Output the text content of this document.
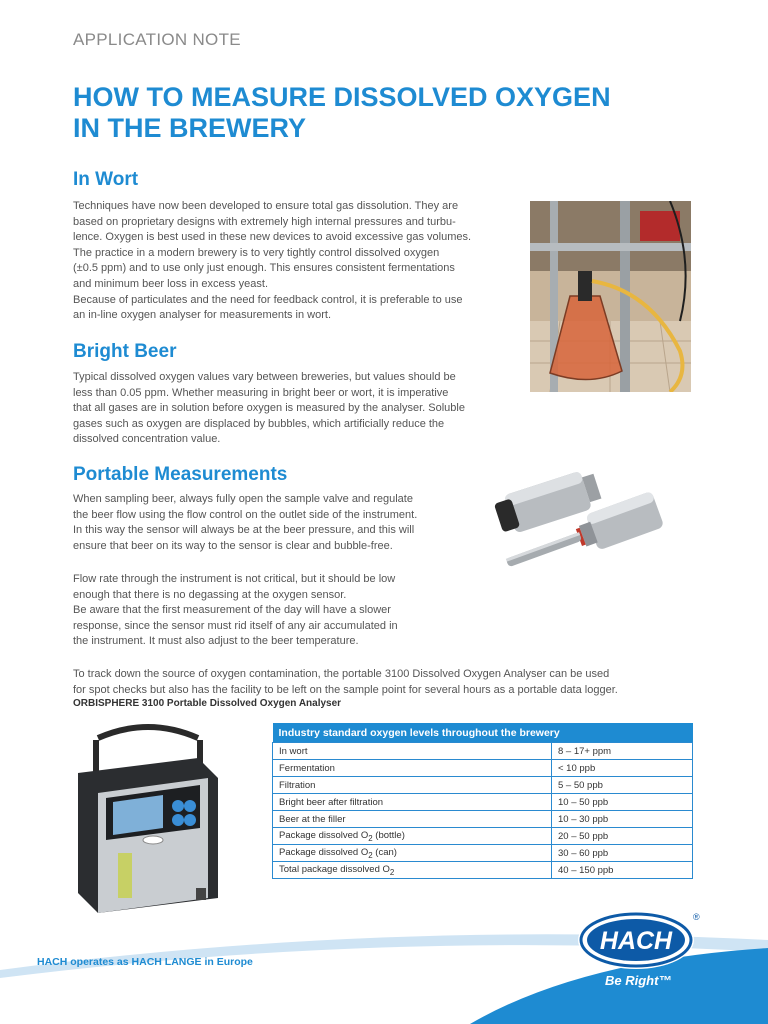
APPLICATION NOTE
HOW TO MEASURE DISSOLVED OXYGEN
IN THE BREWERY
In Wort

Techniques have now been developed to ensure total gas dissolution. They are

based on proprietary designs with extremely high internal pressures and turbu-

lence. Oxygen is best used in these new devices to avoid excessive gas volumes.

The practice in a modern brewery is to very tightly control dissolved oxygen

(±0.5 ppm) and to use only just enough. This ensures consistent fermentations

and minimum beer loss in excess yeast.

Because of particulates and the need for feedback control, it is preferable to use

an in-line oxygen analyser for measurements in wort.

Bright Beer

Typical dissolved oxygen values vary between breweries, but values should be

less than 0.05 ppm. Whether measuring in bright beer or wort, it is imperative

that all gases are in solution before oxygen is measured by the analyser. Soluble

gases such as oxygen are displaced by bubbles, which artificially reduce the

dissolved concentration value.

Portable Measurements

When sampling beer, always fully open the sample valve and regulate

the beer flow using the flow control on the outlet side of the instrument.

In this way the sensor will always be at the beer pressure, and this will

ensure that beer on its way to the sensor is clear and bubble-free.

Flow rate through the instrument is not critical, but it should be low

enough that there is no degassing at the oxygen sensor.

Be aware that the first measurement of the day will have a slower

response, since the sensor must rid itself of any air accumulated in

the instrument. It must also adjust to the beer temperature.

To track down the source of oxygen contamination, the portable 3100 Dissolved Oxygen Analyser can be used

for spot checks but also has the facility to be left on the sample point for several hours as a portable data logger.

ORBISPHERE 3100 Portable Dissolved Oxygen Analyser
Industry standard oxygen levels throughout the brewery	
In wort	8 – 17+ ppm
Fermentation	< 10 ppb
Filtration	5 – 50 ppb
Bright beer after filtration	10 – 50 ppb
Beer at the filler	10 – 30 ppb
Package dissolved $O_2$ (bottle)	20 – 50 ppb
Package dissolved $O_2$ (can)	30 – 60 ppb
Total package dissolved $O_2$	40 – 150 ppb
HACH operates as HACH LANGE in Europe
HACH
®
Be Right™
